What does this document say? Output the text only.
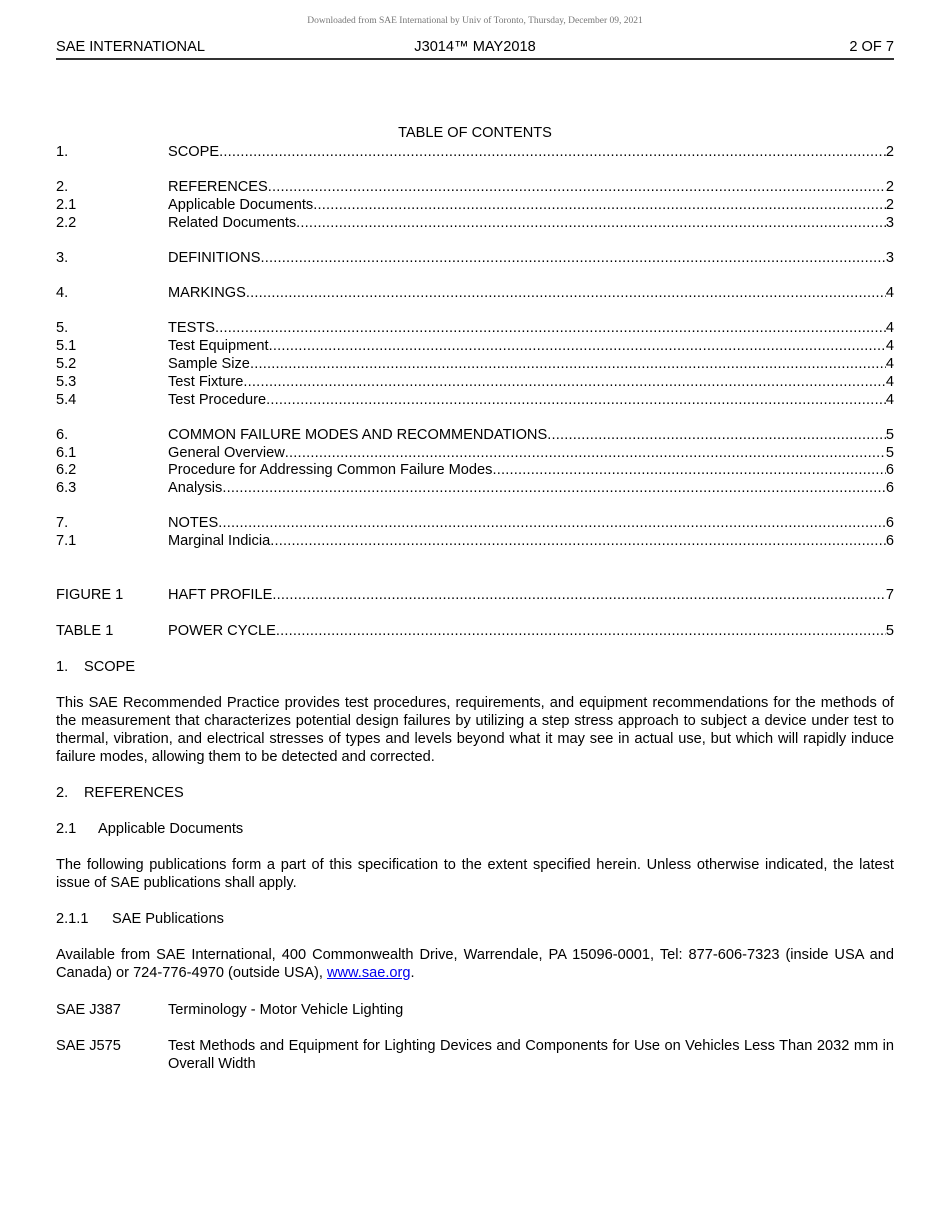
Downloaded from SAE International by Univ of Toronto, Thursday, December 09, 2021
SAE INTERNATIONAL	J3014™ MAY2018	2 OF 7
TABLE OF CONTENTS
1.	SCOPE .....	2
2.	REFERENCES .....	2
2.1	Applicable Documents .....	2
2.2	Related Documents .....	3
3.	DEFINITIONS .....	3
4.	MARKINGS .....	4
5.	TESTS .....	4
5.1	Test Equipment .....	4
5.2	Sample Size .....	4
5.3	Test Fixture .....	4
5.4	Test Procedure .....	4
6.	COMMON FAILURE MODES AND RECOMMENDATIONS .....	5
6.1	General Overview .....	5
6.2	Procedure for Addressing Common Failure Modes .....	6
6.3	Analysis .....	6
7.	NOTES .....	6
7.1	Marginal Indicia .....	6
FIGURE 1	HAFT PROFILE .....	7
TABLE 1	POWER CYCLE .....	5
1. SCOPE
This SAE Recommended Practice provides test procedures, requirements, and equipment recommendations for the methods of the measurement that characterizes potential design failures by utilizing a step stress approach to subject a device under test to thermal, vibration, and electrical stresses of types and levels beyond what it may see in actual use, but which will rapidly induce failure modes, allowing them to be detected and corrected.
2. REFERENCES
2.1 Applicable Documents
The following publications form a part of this specification to the extent specified herein. Unless otherwise indicated, the latest issue of SAE publications shall apply.
2.1.1 SAE Publications
Available from SAE International, 400 Commonwealth Drive, Warrendale, PA 15096-0001, Tel: 877-606-7323 (inside USA and Canada) or 724-776-4970 (outside USA), www.sae.org.
SAE J387	Terminology - Motor Vehicle Lighting
SAE J575	Test Methods and Equipment for Lighting Devices and Components for Use on Vehicles Less Than 2032 mm in Overall Width
